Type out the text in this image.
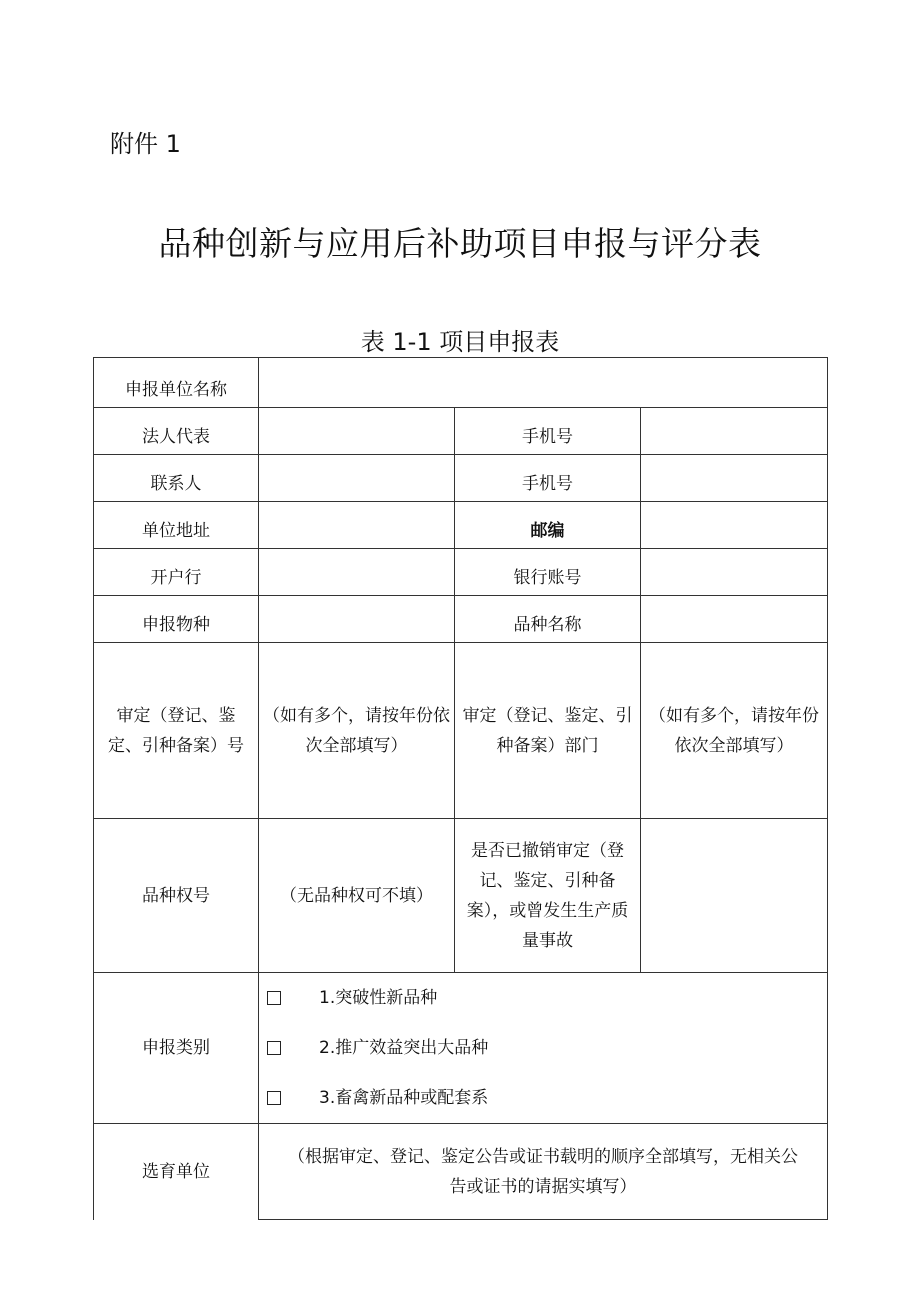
附件 1
品种创新与应用后补助项目申报与评分表
表 1-1 项目申报表
申报单位名称			
法人代表		手机号	
联系人		手机号	
单位地址		邮编	
开户行		银行账号	
申报物种		品种名称	
审定（登记、鉴定、引种备案）号	（如有多个，请按年份依次全部填写）	审定（登记、鉴定、引种备案）部门	（如有多个，请按年份依次全部填写）
品种权号	（无品种权可不填）	是否已撤销审定（登记、鉴定、引种备案），或曾发生生产质量事故	
申报类别	1.突破性新品种
2.推广效益突出大品种
3.畜禽新品种或配套系		

选育单位	（根据审定、登记、鉴定公告或证书载明的顺序全部填写，无相关公
告或证书的请据实填写）		
